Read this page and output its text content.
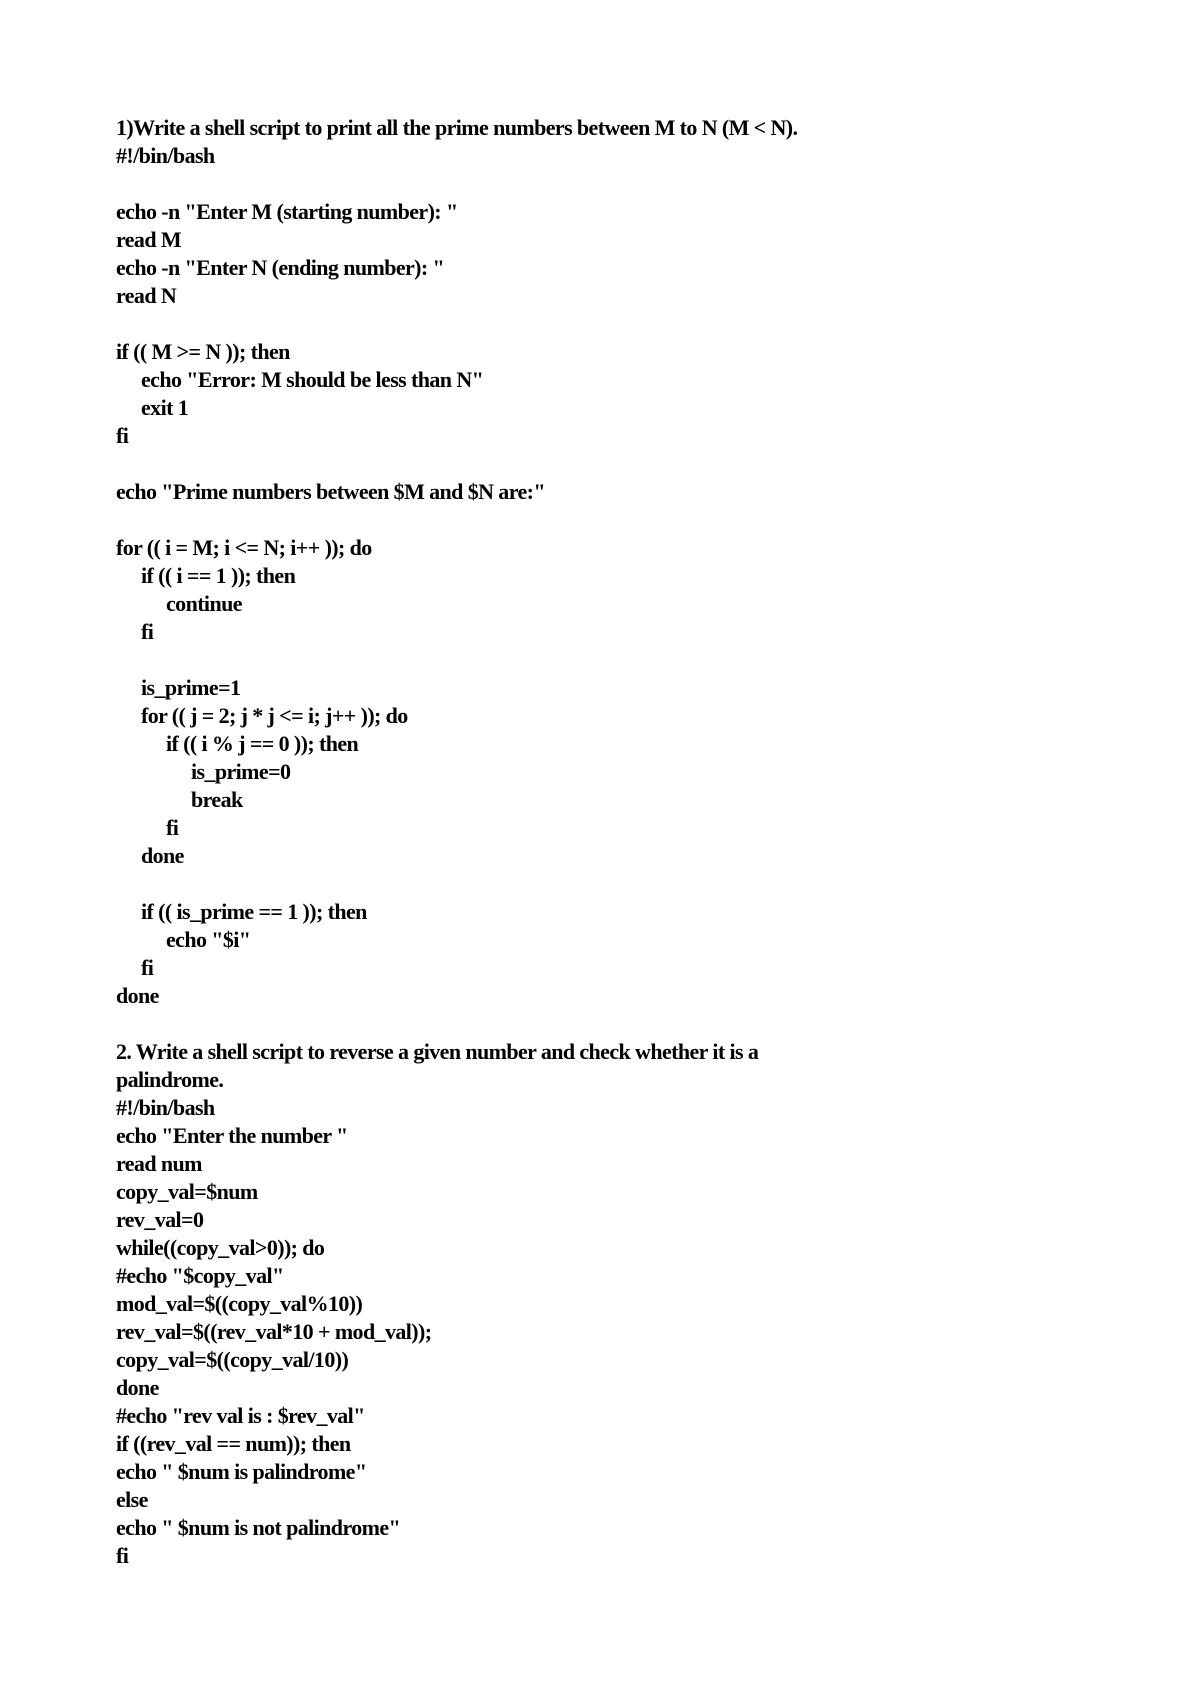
1)Write a shell script to print all the prime numbers between M to N (M < N).
#!/bin/bash
echo -n "Enter M (starting number): "
read M
echo -n "Enter N (ending number): "
read N
if (( M >= N )); then
echo "Error: M should be less than N"
exit 1
fi
echo "Prime numbers between $M and $N are:"
for (( i = M; i <= N; i++ )); do
if (( i == 1 )); then
continue
fi
is_prime=1
for (( j = 2; j * j <= i; j++ )); do
if (( i % j == 0 )); then
is_prime=0
break
fi
done
if (( is_prime == 1 )); then
echo "$i"
fi
done
2. Write a shell script to reverse a given number and check whether it is a
palindrome.
#!/bin/bash
echo "Enter the number "
read num
copy_val=$num
rev_val=0
while((copy_val>0)); do
#echo "$copy_val"
mod_val=$((copy_val%10))
rev_val=$((rev_val*10 + mod_val));
copy_val=$((copy_val/10))
done
#echo "rev val is : $rev_val"
if ((rev_val == num)); then
echo " $num is palindrome"
else
echo " $num is not palindrome"
fi
